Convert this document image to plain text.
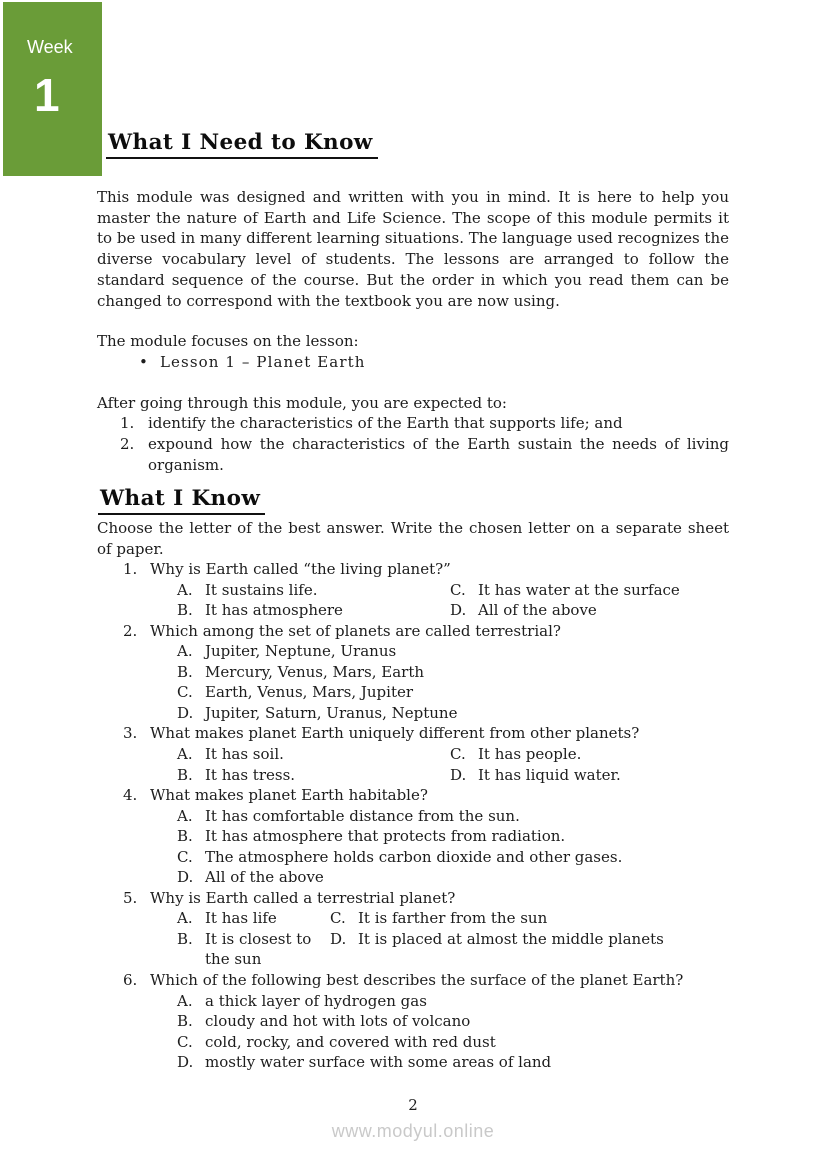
Week
1
What I Need to Know

This module was designed and written with you in mind. It is here to help you master the nature of Earth and Life Science. The scope of this module permits it to be used in many different learning situations. The language used recognizes the diverse vocabulary level of students. The lessons are arranged to follow the standard sequence of the course. But the order in which you read them can be changed to correspond with the textbook you are now using.

The module focuses on the lesson:
• Lesson 1 – Planet Earth
After going through this module, you are expected to:
1. identify the characteristics of the Earth that supports life; and
2. expound how the characteristics of the Earth sustain the needs of living organism.
What I Know

Choose the letter of the best answer. Write the chosen letter on a separate sheet of paper.

1. Why is Earth called “the living planet?”
A. It sustains life.	C. It has water at the surface
B. It has atmosphere	D. All of the above
2. Which among the set of planets are called terrestrial?
A. Jupiter, Neptune, Uranus
B. Mercury, Venus, Mars, Earth
C. Earth, Venus, Mars, Jupiter
D. Jupiter, Saturn, Uranus, Neptune
3. What makes planet Earth uniquely different from other planets?
A. It has soil.	C. It has people.
B. It has tress.	D. It has liquid water.
4. What makes planet Earth habitable?
A. It has comfortable distance from the sun.
B. It has atmosphere that protects from radiation.
C. The atmosphere holds carbon dioxide and other gases.
D. All of the above
5. Why is Earth called a terrestrial planet?
A. It has life	C. It is farther from the sun
B. It is closest to the sun
D. It is placed at almost the middle planets
6. Which of the following best describes the surface of the planet Earth?
A. a thick layer of hydrogen gas
B. cloudy and hot with lots of volcano
C. cold, rocky, and covered with red dust
D. mostly water surface with some areas of land
2
www.modyul.online
